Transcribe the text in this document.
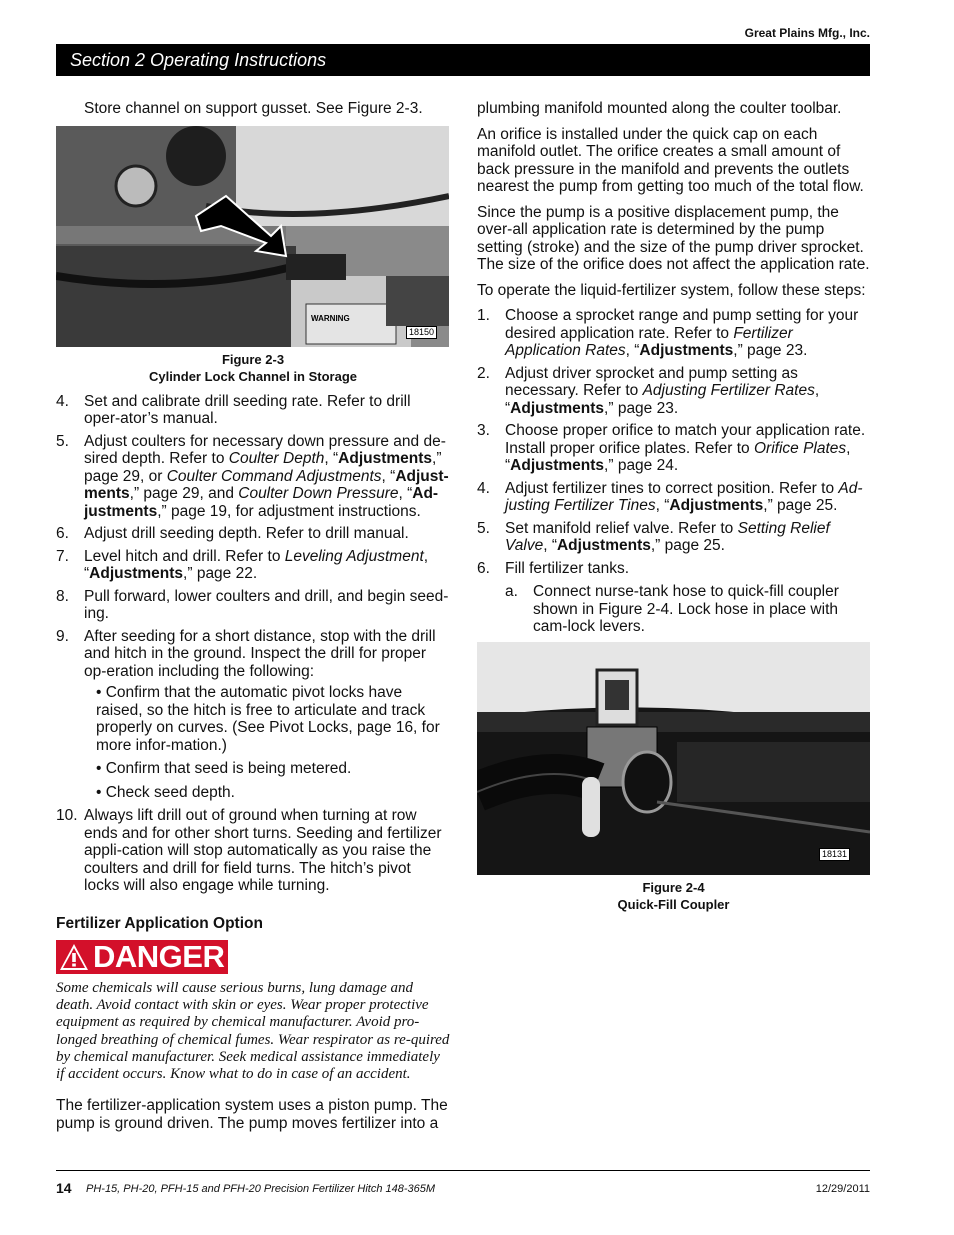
Great Plains Mfg., Inc.
Section 2 Operating Instructions

Store channel on support gusset. See Figure 2-3.

WARNING
18150
Figure 2-3
Cylinder Lock Channel in Storage
4. Set and calibrate drill seeding rate. Refer to drill oper-ator’s manual.
5. Adjust coulters for necessary down pressure and de-sired depth. Refer to Coulter Depth, “Adjustments,” page 29, or Coulter Command Adjustments, “Adjust-ments,” page 29, and Coulter Down Pressure, “Ad-justments,” page 19, for adjustment instructions.
6. Adjust drill seeding depth. Refer to drill manual.
7. Level hitch and drill. Refer to Leveling Adjustment, “Adjustments,” page 22.
8. Pull forward, lower coulters and drill, and begin seed-ing.
9. After seeding for a short distance, stop with the drill and hitch in the ground. Inspect the drill for proper op-eration including the following:
• Confirm that the automatic pivot locks have raised, so the hitch is free to articulate and track properly on curves. (See Pivot Locks, page 16, for more infor-mation.)
• Confirm that seed is being metered.
• Check seed depth.
10. Always lift drill out of ground when turning at row ends and for other short turns. Seeding and fertilizer appli-cation will stop automatically as you raise the coulters and drill for field turns. The hitch’s pivot locks will also engage while turning.
Fertilizer Application Option
DANGER
Some chemicals will cause serious burns, lung damage and death. Avoid contact with skin or eyes. Wear proper protective equipment as required by chemical manufacturer. Avoid pro-longed breathing of chemical fumes. Wear respirator as re-quired by chemical manufacturer. Seek medical assistance immediately if accident occurs. Know what to do in case of an accident.

The fertilizer-application system uses a piston pump. The pump is ground driven. The pump moves fertilizer into a

plumbing manifold mounted along the coulter toolbar.

An orifice is installed under the quick cap on each manifold outlet. The orifice creates a small amount of back pressure in the manifold and prevents the outlets nearest the pump from getting too much of the total flow.

Since the pump is a positive displacement pump, the over-all application rate is determined by the pump setting (stroke) and the size of the pump driver sprocket. The size of the orifice does not affect the application rate.

To operate the liquid-fertilizer system, follow these steps:

1. Choose a sprocket range and pump setting for your desired application rate. Refer to Fertilizer Application Rates, “Adjustments,” page 23.
2. Adjust driver sprocket and pump setting as necessary. Refer to Adjusting Fertilizer Rates, “Adjustments,” page 23.
3. Choose proper orifice to match your application rate. Install proper orifice plates. Refer to Orifice Plates, “Adjustments,” page 24.
4. Adjust fertilizer tines to correct position. Refer to Ad-justing Fertilizer Tines, “Adjustments,” page 25.
5. Set manifold relief valve. Refer to Setting Relief Valve, “Adjustments,” page 25.
6. Fill fertilizer tanks.
a. Connect nurse-tank hose to quick-fill coupler shown in Figure 2-4. Lock hose in place with cam-lock levers.
18131
Figure 2-4
Quick-Fill Coupler
14 PH-15, PH-20, PFH-15 and PFH-20 Precision Fertilizer Hitch 148-365M	12/29/2011
